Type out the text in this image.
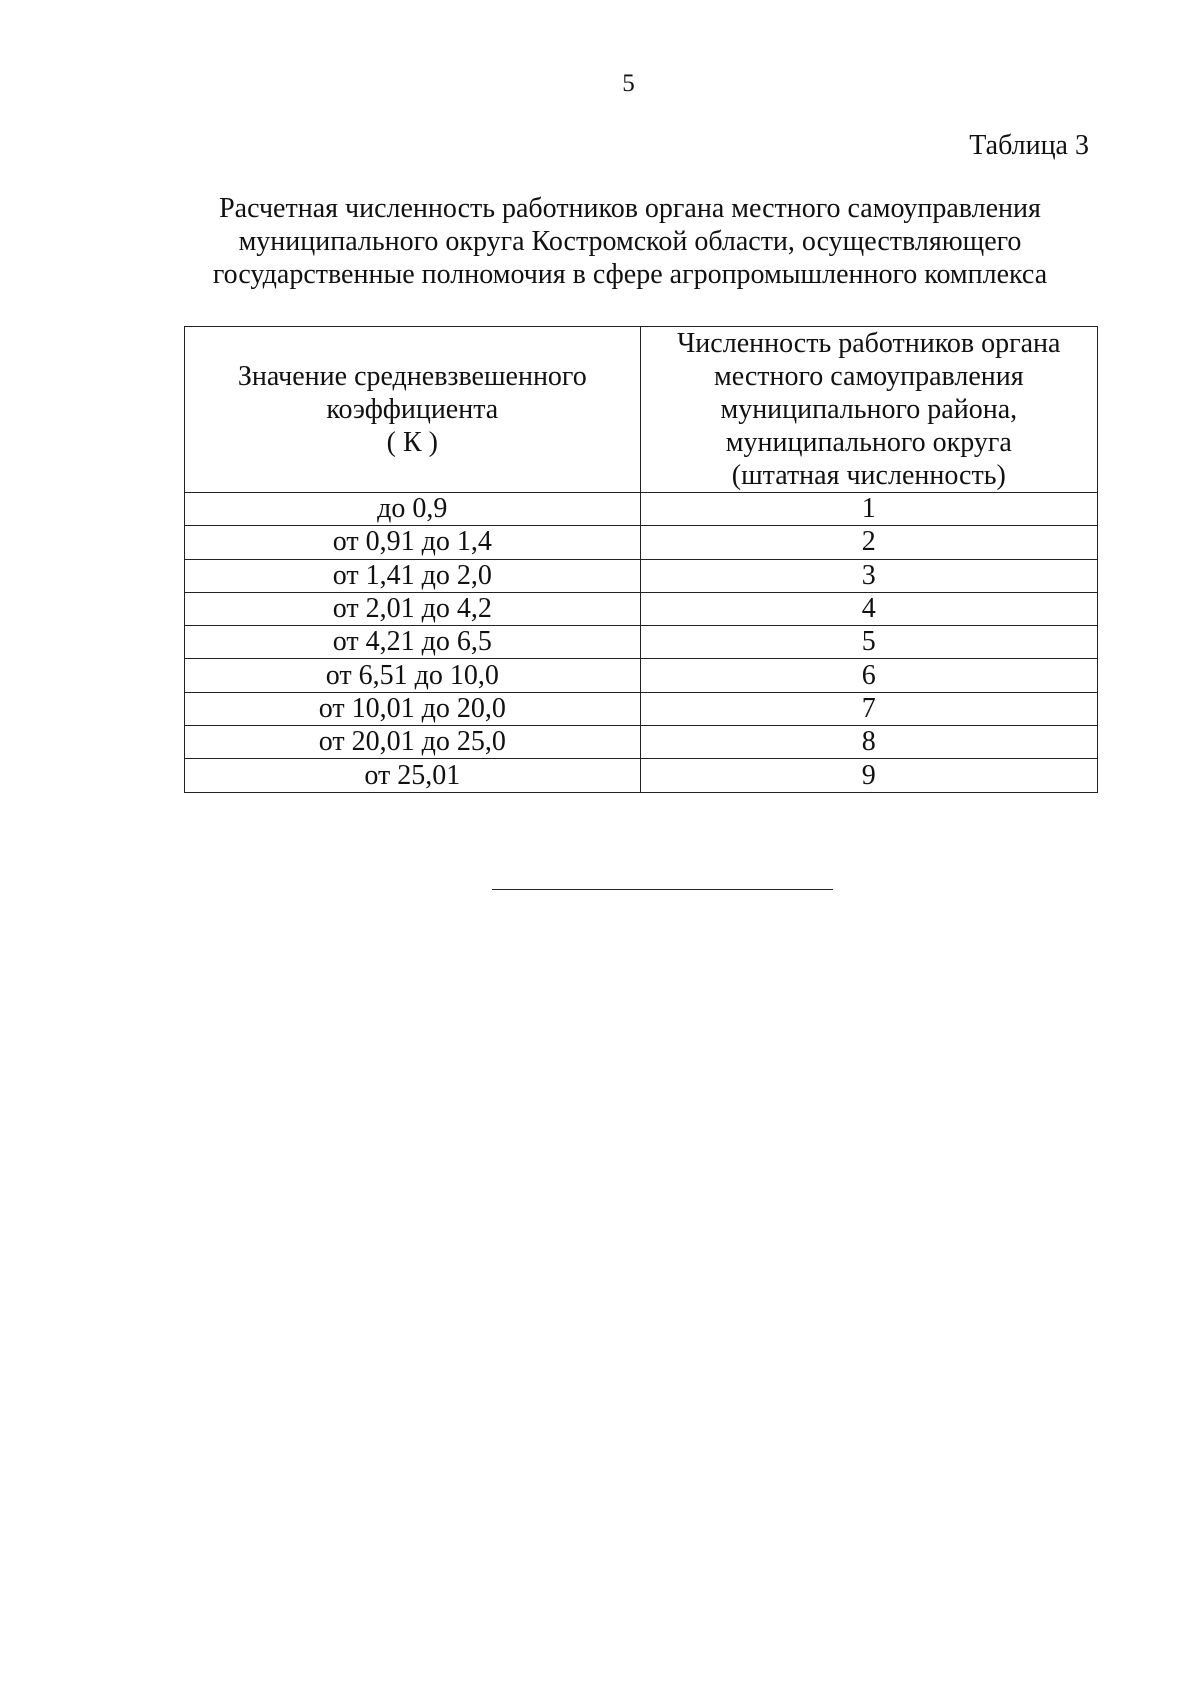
5
Таблица 3
Расчетная численность работников органа местного самоуправления
муниципального округа Костромской области, осуществляющего
государственные полномочия в сфере агропромышленного комплекса
Значение средневзвешенного
коэффициента
( К )	Численность работников органа
местного самоуправления
муниципального района,
муниципального округа
(штатная численность)

до 0,9	1
от 0,91 до 1,4	2
от 1,41 до 2,0	3
от 2,01 до 4,2	4
от 4,21 до 6,5	5
от 6,51 до 10,0	6
от 10,01 до 20,0	7
от 20,01 до 25,0	8
от 25,01	9
